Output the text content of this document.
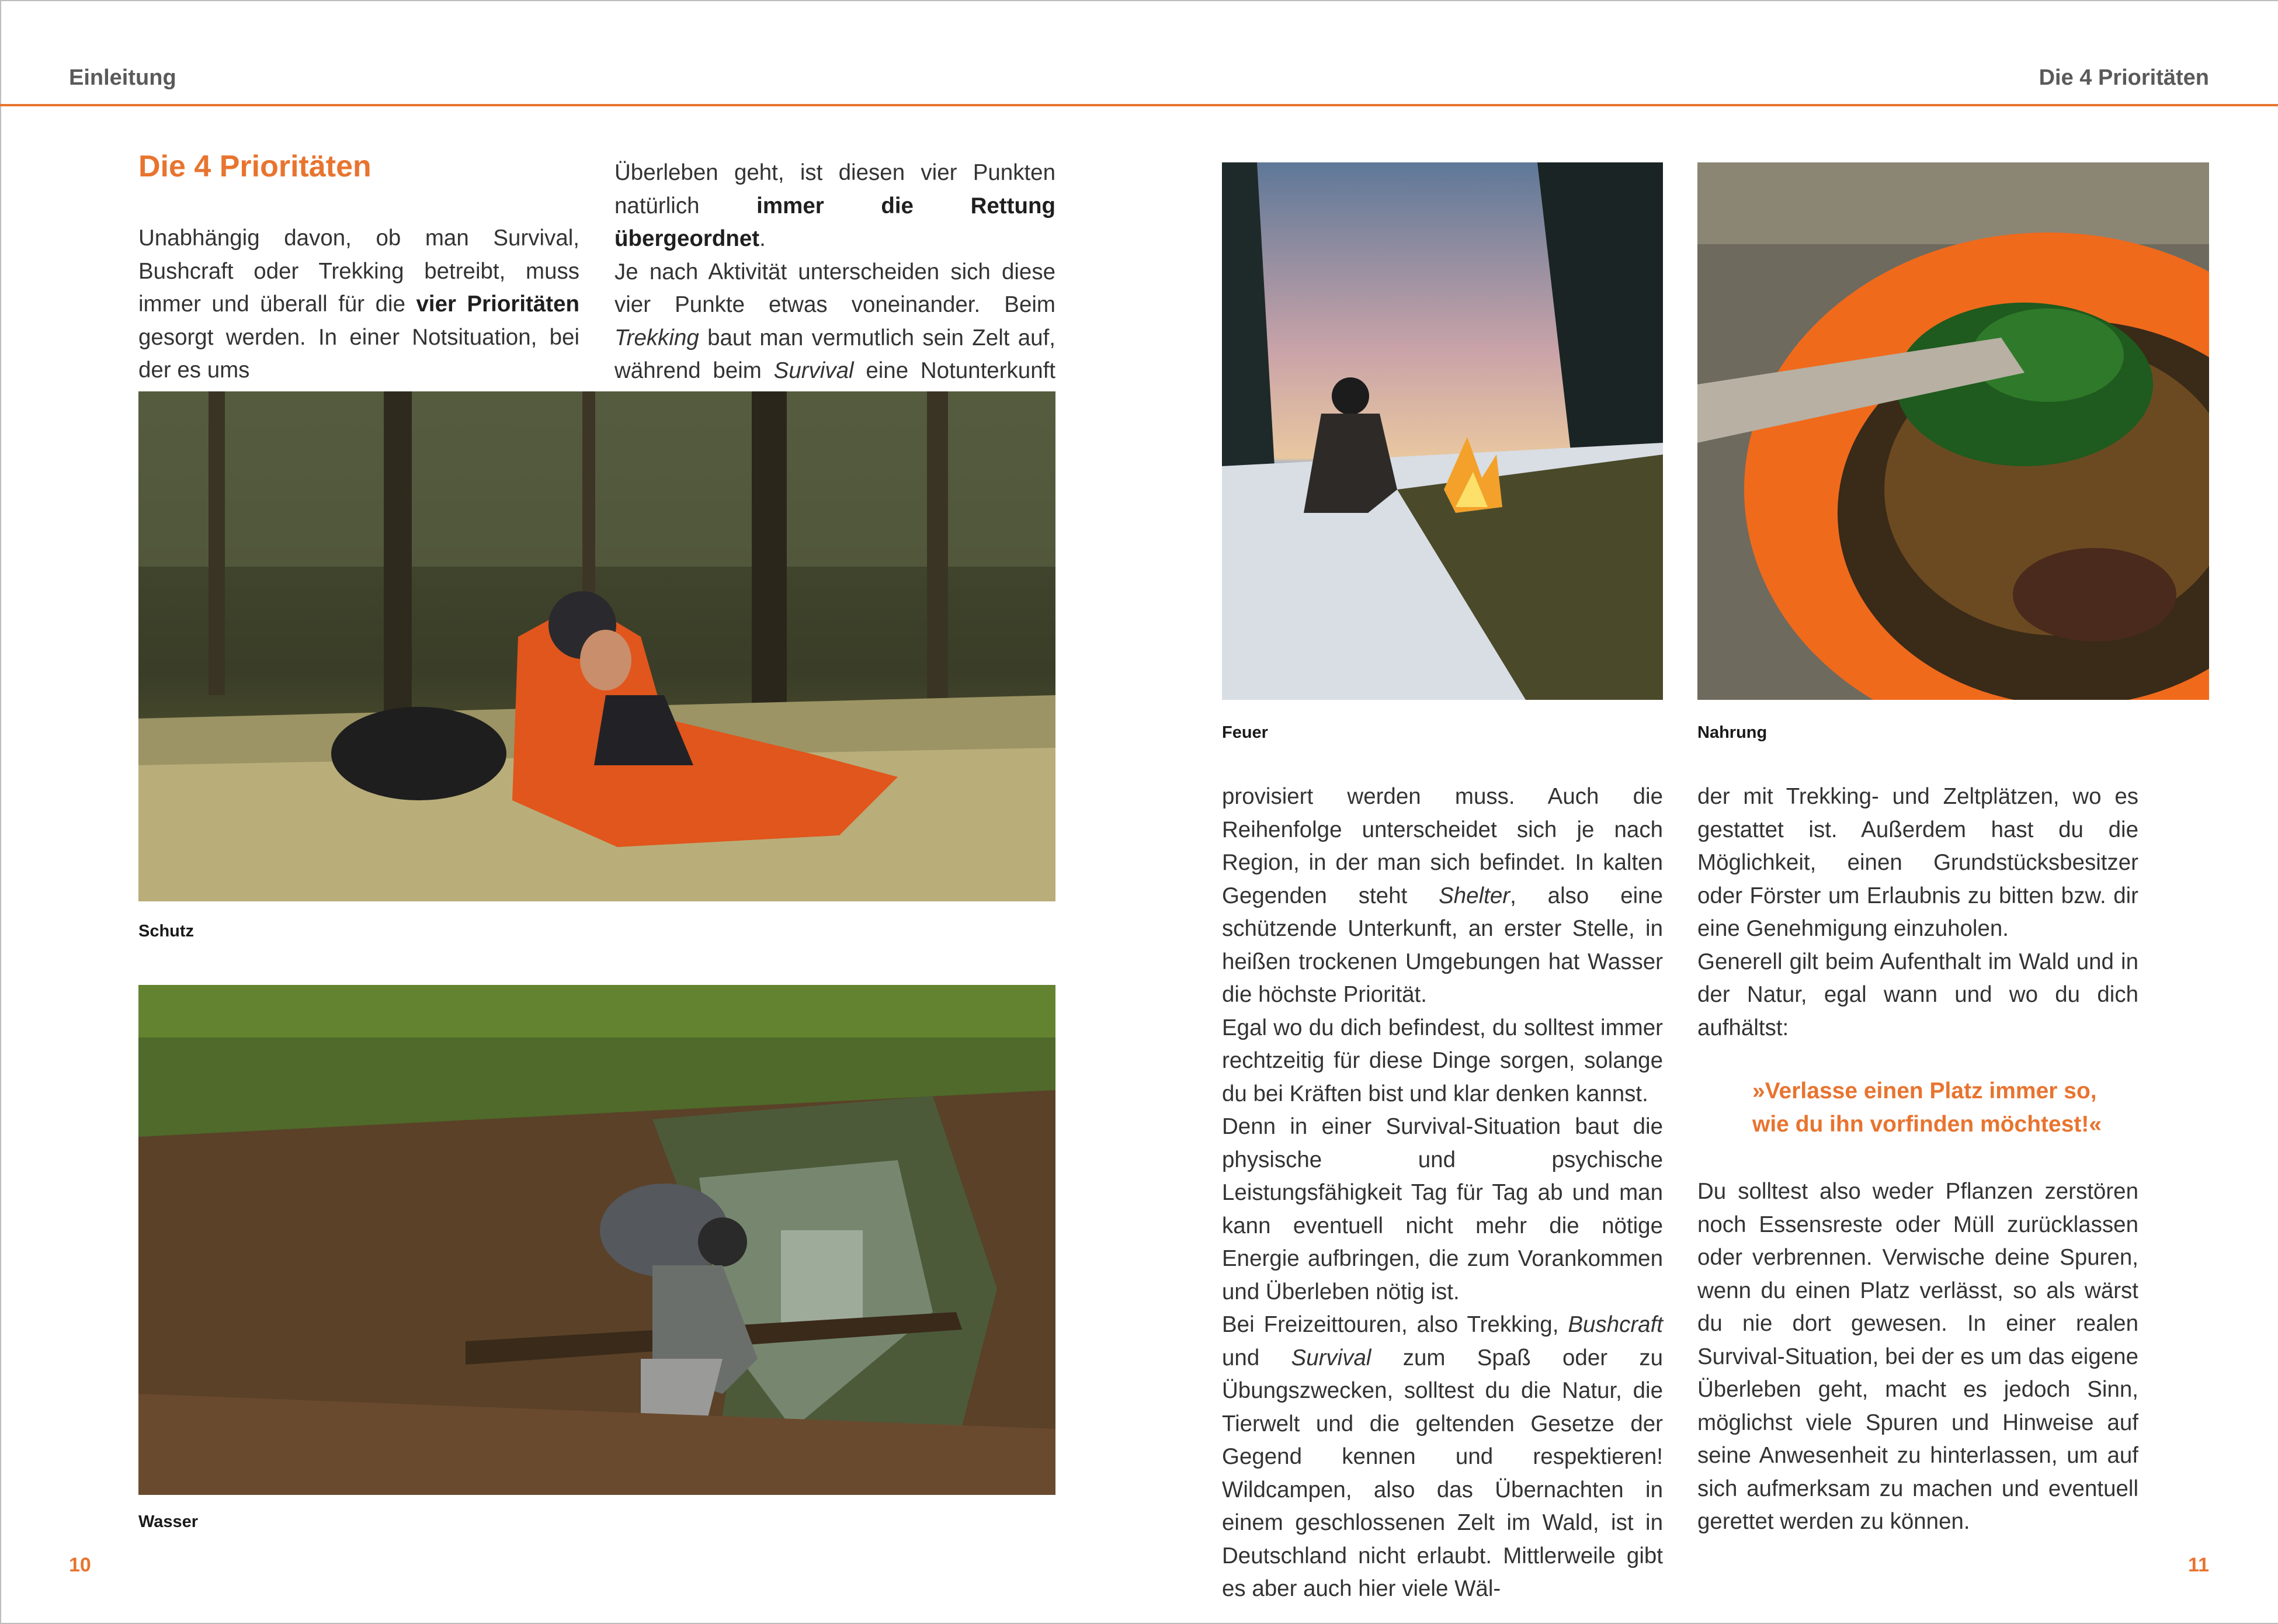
Einleitung	Die 4 Prioritäten
Die 4 Prioritäten

Unabhängig davon, ob man Survival, Bushcraft oder Trekking betreibt, muss immer und überall für die vier Prioritäten gesorgt werden. In einer Notsituation, bei der es ums

Überleben geht, ist diesen vier Punkten natürlich immer die Rettung übergeordnet.

Je nach Aktivität unterscheiden sich diese vier Punkte etwas voneinander. Beim Trekking baut man vermutlich sein Zelt auf, während beim Survival eine Notunterkunft

Schutz
Wasser
Feuer	Nahrung

provisiert werden muss. Auch die Reihenfolge unterscheidet sich je nach Region, in der man sich befindet. In kalten Gegenden steht Shelter, also eine schützende Unterkunft, an erster Stelle, in heißen trockenen Umgebungen hat Wasser die höchste Priorität.

Egal wo du dich befindest, du solltest immer rechtzeitig für diese Dinge sorgen, solange du bei Kräften bist und klar denken kannst.

Denn in einer Survival-Situation baut die physische und psychische Leistungsfähigkeit Tag für Tag ab und man kann eventuell nicht mehr die nötige Energie aufbringen, die zum Vorankommen und Überleben nötig ist.

Bei Freizeittouren, also Trekking, Bushcraft und Survival zum Spaß oder zu Übungszwecken, solltest du die Natur, die Tierwelt und die geltenden Gesetze der Gegend kennen und respektieren! Wildcampen, also das Übernachten in einem geschlossenen Zelt im Wald, ist in Deutschland nicht erlaubt. Mittlerweile gibt es aber auch hier viele Wäl-

der mit Trekking- und Zeltplätzen, wo es gestattet ist. Außerdem hast du die Möglichkeit, einen Grundstücksbesitzer oder Förster um Erlaubnis zu bitten bzw. dir eine Genehmigung einzuholen.

Generell gilt beim Aufenthalt im Wald und in der Natur, egal wann und wo du dich aufhältst:

»Verlasse einen Platz immer so,
wie du ihn vorfinden möchtest!«

Du solltest also weder Pflanzen zerstören noch Essensreste oder Müll zurücklassen oder verbrennen. Verwische deine Spuren, wenn du einen Platz verlässt, so als wärst du nie dort gewesen. In einer realen Survival-Situation, bei der es um das eigene Überleben geht, macht es jedoch Sinn, möglichst viele Spuren und Hinweise auf seine Anwesenheit zu hinterlassen, um auf sich aufmerksam zu machen und eventuell gerettet werden zu können.

10	11
